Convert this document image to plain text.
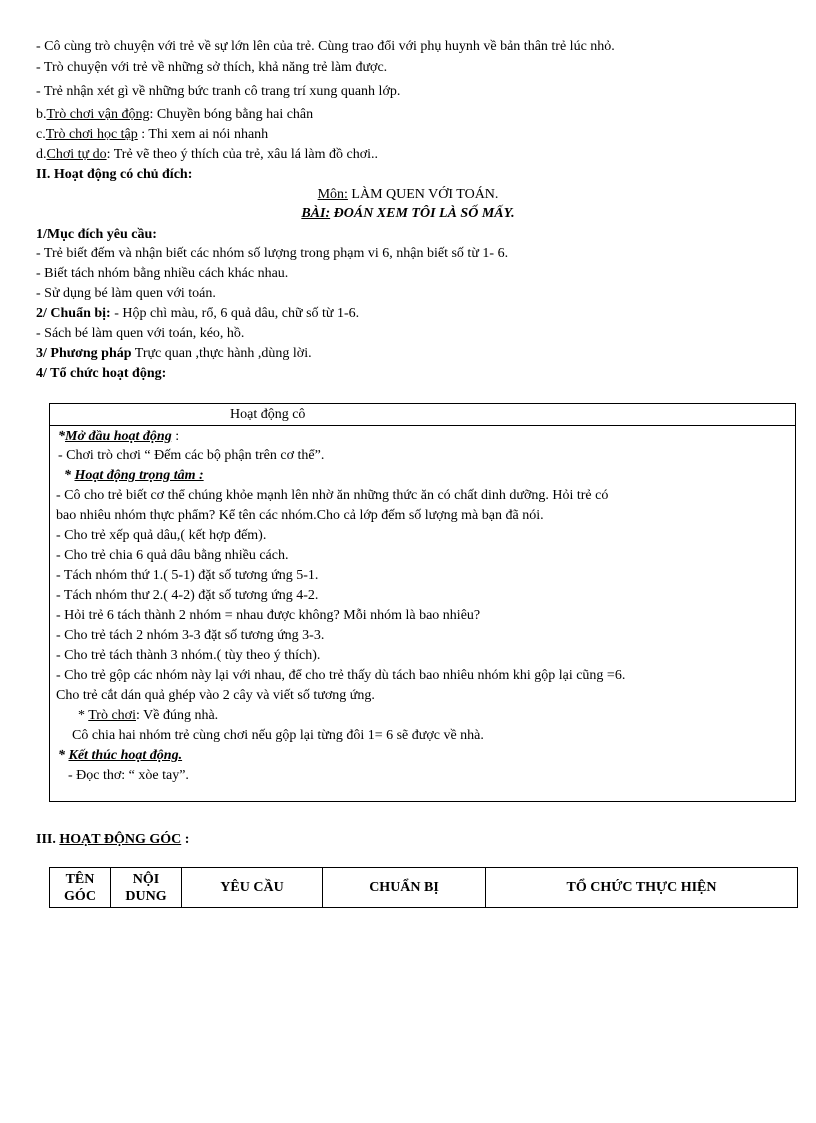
- Cô cùng trò chuyện với trẻ về sự lớn lên của trẻ. Cùng trao đổi với phụ huynh về bản thân trẻ lúc nhỏ.
- Trò chuyện với trẻ về những sở thích, khả năng trẻ làm được.
- Trẻ nhận xét gì về những bức tranh cô trang trí xung quanh lớp.
b.Trò chơi vận động: Chuyền bóng bằng hai chân
c.Trò chơi học tập : Thi xem ai nói nhanh
d.Chơi tự do: Trẻ vẽ theo ý thích của trẻ, xâu lá làm đồ chơi..
II. Hoạt động có chủ đích:
Môn: LÀM QUEN VỚI TOÁN.
BÀI: ĐOÁN XEM TÔI LÀ SỐ MẤY.
1/Mục đích yêu cầu:
- Trẻ biết đếm và nhận biết các nhóm số lượng trong phạm vi 6, nhận biết số từ 1- 6.
- Biết tách nhóm bằng nhiều cách khác nhau.
- Sử dụng bé làm quen với toán.
2/ Chuẩn bị: - Hộp chì màu, rổ, 6 quả dâu, chữ số từ 1-6.
- Sách bé làm quen với toán, kéo, hồ.
3/ Phương pháp Trực quan ,thực hành ,dùng lời.
4/ Tổ chức hoạt động:
Hoạt động cô
*Mở đầu hoạt động :
- Chơi trò chơi “ Đếm các bộ phận trên cơ thể”.
* Hoạt động trọng tâm :
- Cô cho trẻ biết cơ thể chúng khỏe mạnh lên nhờ ăn những thức ăn có chất dinh dưỡng. Hỏi trẻ có
bao nhiêu nhóm thực phẩm? Kể tên các nhóm.Cho cả lớp đếm số lượng mà bạn đã nói.
- Cho trẻ xếp quả dâu,( kết hợp đếm).
- Cho trẻ chia 6 quả dâu bằng nhiều cách.
- Tách nhóm thứ 1.( 5-1) đặt số tương ứng 5-1.
- Tách nhóm thư 2.( 4-2) đặt số tương ứng 4-2.
- Hỏi trẻ 6 tách thành 2 nhóm = nhau được không? Mỗi nhóm là bao nhiêu?
- Cho trẻ tách 2 nhóm 3-3 đặt số tương ứng 3-3.
- Cho trẻ tách thành 3 nhóm.( tùy theo ý thích).
- Cho trẻ gộp các nhóm này lại với nhau, để cho trẻ thấy dù tách bao nhiêu nhóm khi gộp lại cũng =6.
Cho trẻ cắt dán quả ghép vào 2 cây và viết số tương ứng.
* Trò chơi: Về đúng nhà.
Cô chia hai nhóm trẻ cùng chơi nếu gộp lại từng đôi 1= 6 sẽ được về nhà.
* Kết thúc hoạt động.
- Đọc thơ: “ xòe tay”.
III. HOẠT ĐỘNG GÓC :
TÊN
GÓC	NỘI
DUNG	YÊU CẦU	CHUẨN BỊ	TỔ CHỨC THỰC HIỆN
